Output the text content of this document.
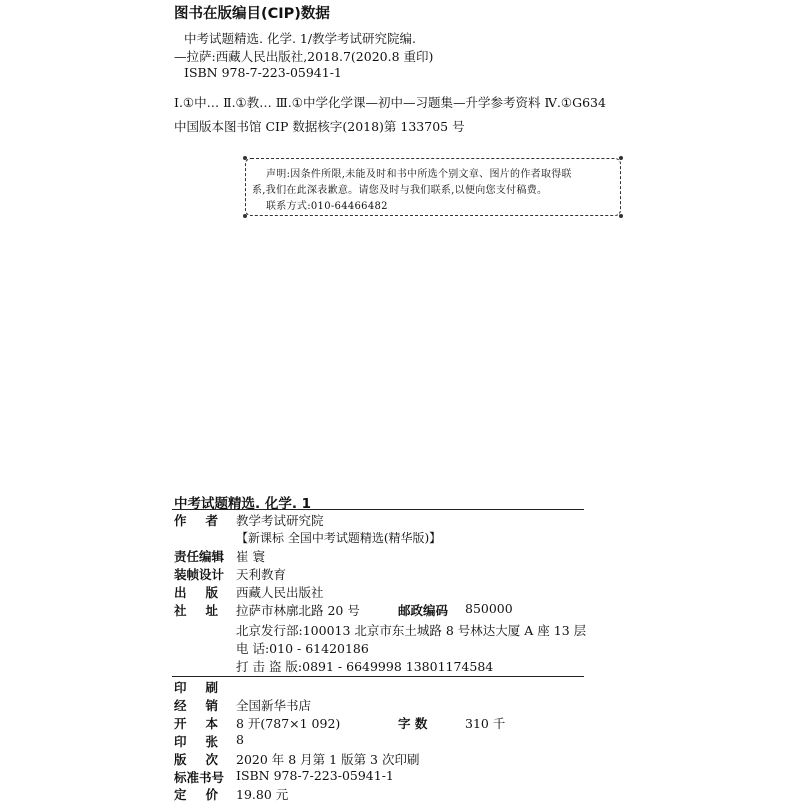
图书在版编目(CIP)数据
中考试题精选. 化学. 1/教学考试研究院编.
—拉萨:西藏人民出版社,2018.7(2020.8 重印)
ISBN 978-7-223-05941-1
Ⅰ.①中… Ⅱ.①教… Ⅲ.①中学化学课—初中—习题集—升学参考资料 Ⅳ.①G634
中国版本图书馆 CIP 数据核字(2018)第 133705 号
声明:因条件所限,未能及时和书中所选个别文章、图片的作者取得联
系,我们在此深表歉意。请您及时与我们联系,以便向您支付稿费。
联系方式:010-64466482
中考试题精选. 化学. 1
作 者 教学考试研究院
【新课标 全国中考试题精选(精华版)】
责任编辑 崔 寰
装帧设计 天利教育
出 版 西藏人民出版社
社 址 拉萨市林廓北路 20 号	邮政编码 850000
北京发行部:100013 北京市东土城路 8 号林达大厦 A 座 13 层
电 话:010 - 61420186
打 击 盗 版:0891 - 6649998 13801174584
印 刷
经 销 全国新华书店
开 本 8 开(787×1 092)	字 数	310 千
印 张 8
版 次 2020 年 8 月第 1 版第 3 次印刷
标准书号 ISBN 978-7-223-05941-1
定 价 19.80 元
